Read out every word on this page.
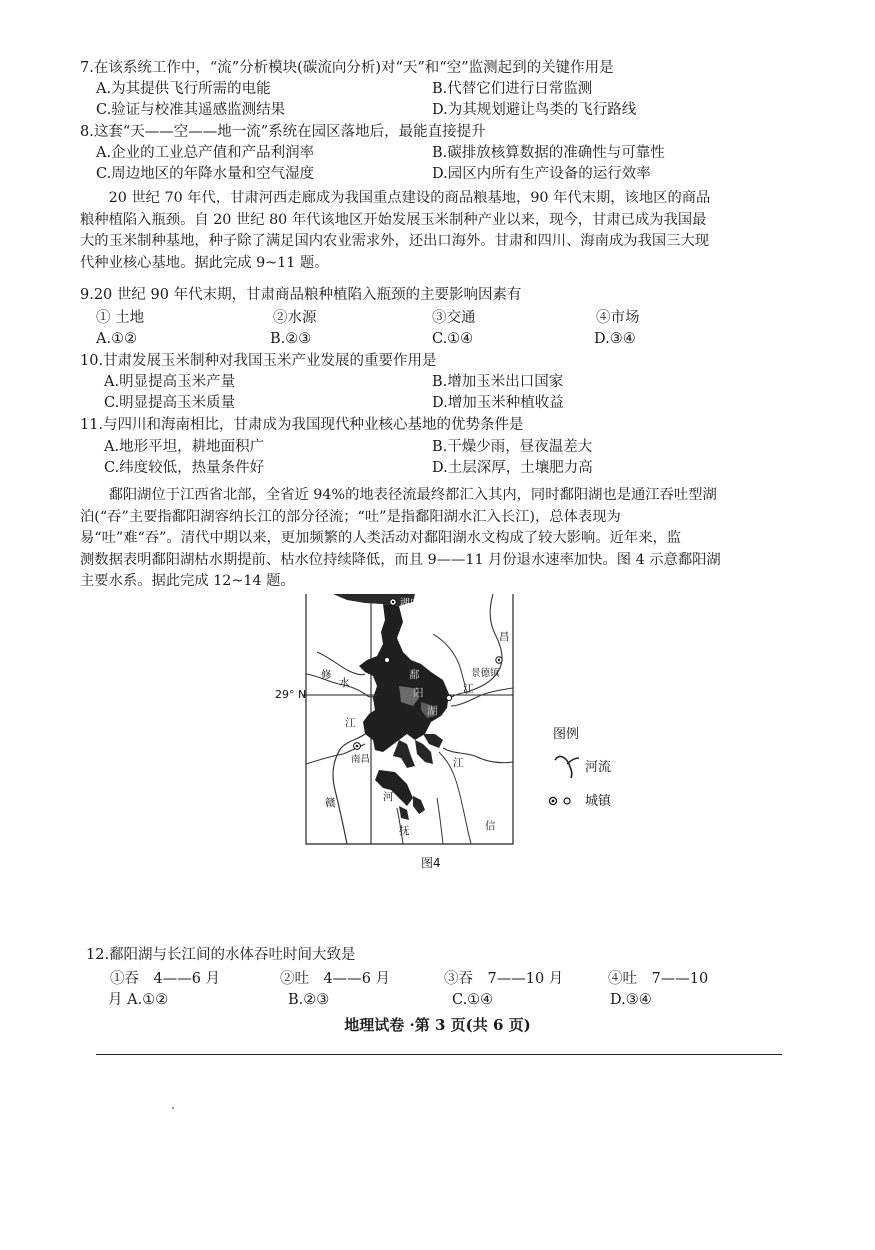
7.在该系统工作中，“流”分析模块(碳流向分析)对“天”和“空”监测起到的关键作用是
A.为其提供飞行所需的电能	B.代替它们进行日常监测
C.验证与校准其遥感监测结果	D.为其规划避让鸟类的飞行路线
8.这套“天——空——地一流”系统在园区落地后，最能直接提升
A.企业的工业总产值和产品利润率	B.碳排放核算数据的准确性与可靠性
C.周边地区的年降水量和空气湿度	D.园区内所有生产设备的运行效率

　　20 世纪 70 年代，甘肃河西走廊成为我国重点建设的商品粮基地，90 年代末期，该地区的商品

粮种植陷入瓶颈。自 20 世纪 80 年代该地区开始发展玉米制种产业以来，现今，甘肃已成为我国最

大的玉米制种基地，种子除了满足国内农业需求外，还出口海外。甘肃和四川、海南成为我国三大现

代种业核心基地。据此完成 9~11 题。

9.20 世纪 90 年代末期，甘肃商品粮种植陷入瓶颈的主要影响因素有
① 土地	②水源	③交通	④市场
A.①②	B.②③	C.①④	D.③④
10.甘肃发展玉米制种对我国玉米产业发展的重要作用是
A.明显提高玉米产量	B.增加玉米出口国家
C.明显提高玉米质量	D.增加玉米种植收益
11.与四川和海南相比，甘肃成为我国现代种业核心基地的优势条件是
A.地形平坦，耕地面积广	B.干燥少雨，昼夜温差大
C.纬度较低，热量条件好	D.土层深厚，土壤肥力高

　　鄱阳湖位于江西省北部，全省近 94%的地表径流最终都汇入其内，同时鄱阳湖也是通江吞吐型湖

泊(“吞”主要指鄱阳湖容纳长江的部分径流；“吐”是指鄱阳湖水汇入长江)，总体表现为

易“吐”难“吞”。清代中期以来，更加频繁的人类活动对鄱阳湖水文构成了较大影响。近年来，监

测数据表明鄱阳湖枯水期提前、枯水位持续降低，而且 9——11 月份退水速率加快。图 4 示意鄱阳湖

主要水系。据此完成 12~14 题。

29° N
湖口
景德镇
南昌
修
水
赣	河
江
信
江
抚
昌
江
鄱
阳
湖
图例
河流
城镇
图4
12.鄱阳湖与长江间的水体吞吐时间大致是
①吞　4——6 月	②吐　4——6 月	③吞　7——10 月	④吐　7——10
月 A.①②	B.②③	C.①④	D.③④
地理试卷 ·第 3 页(共 6 页)
